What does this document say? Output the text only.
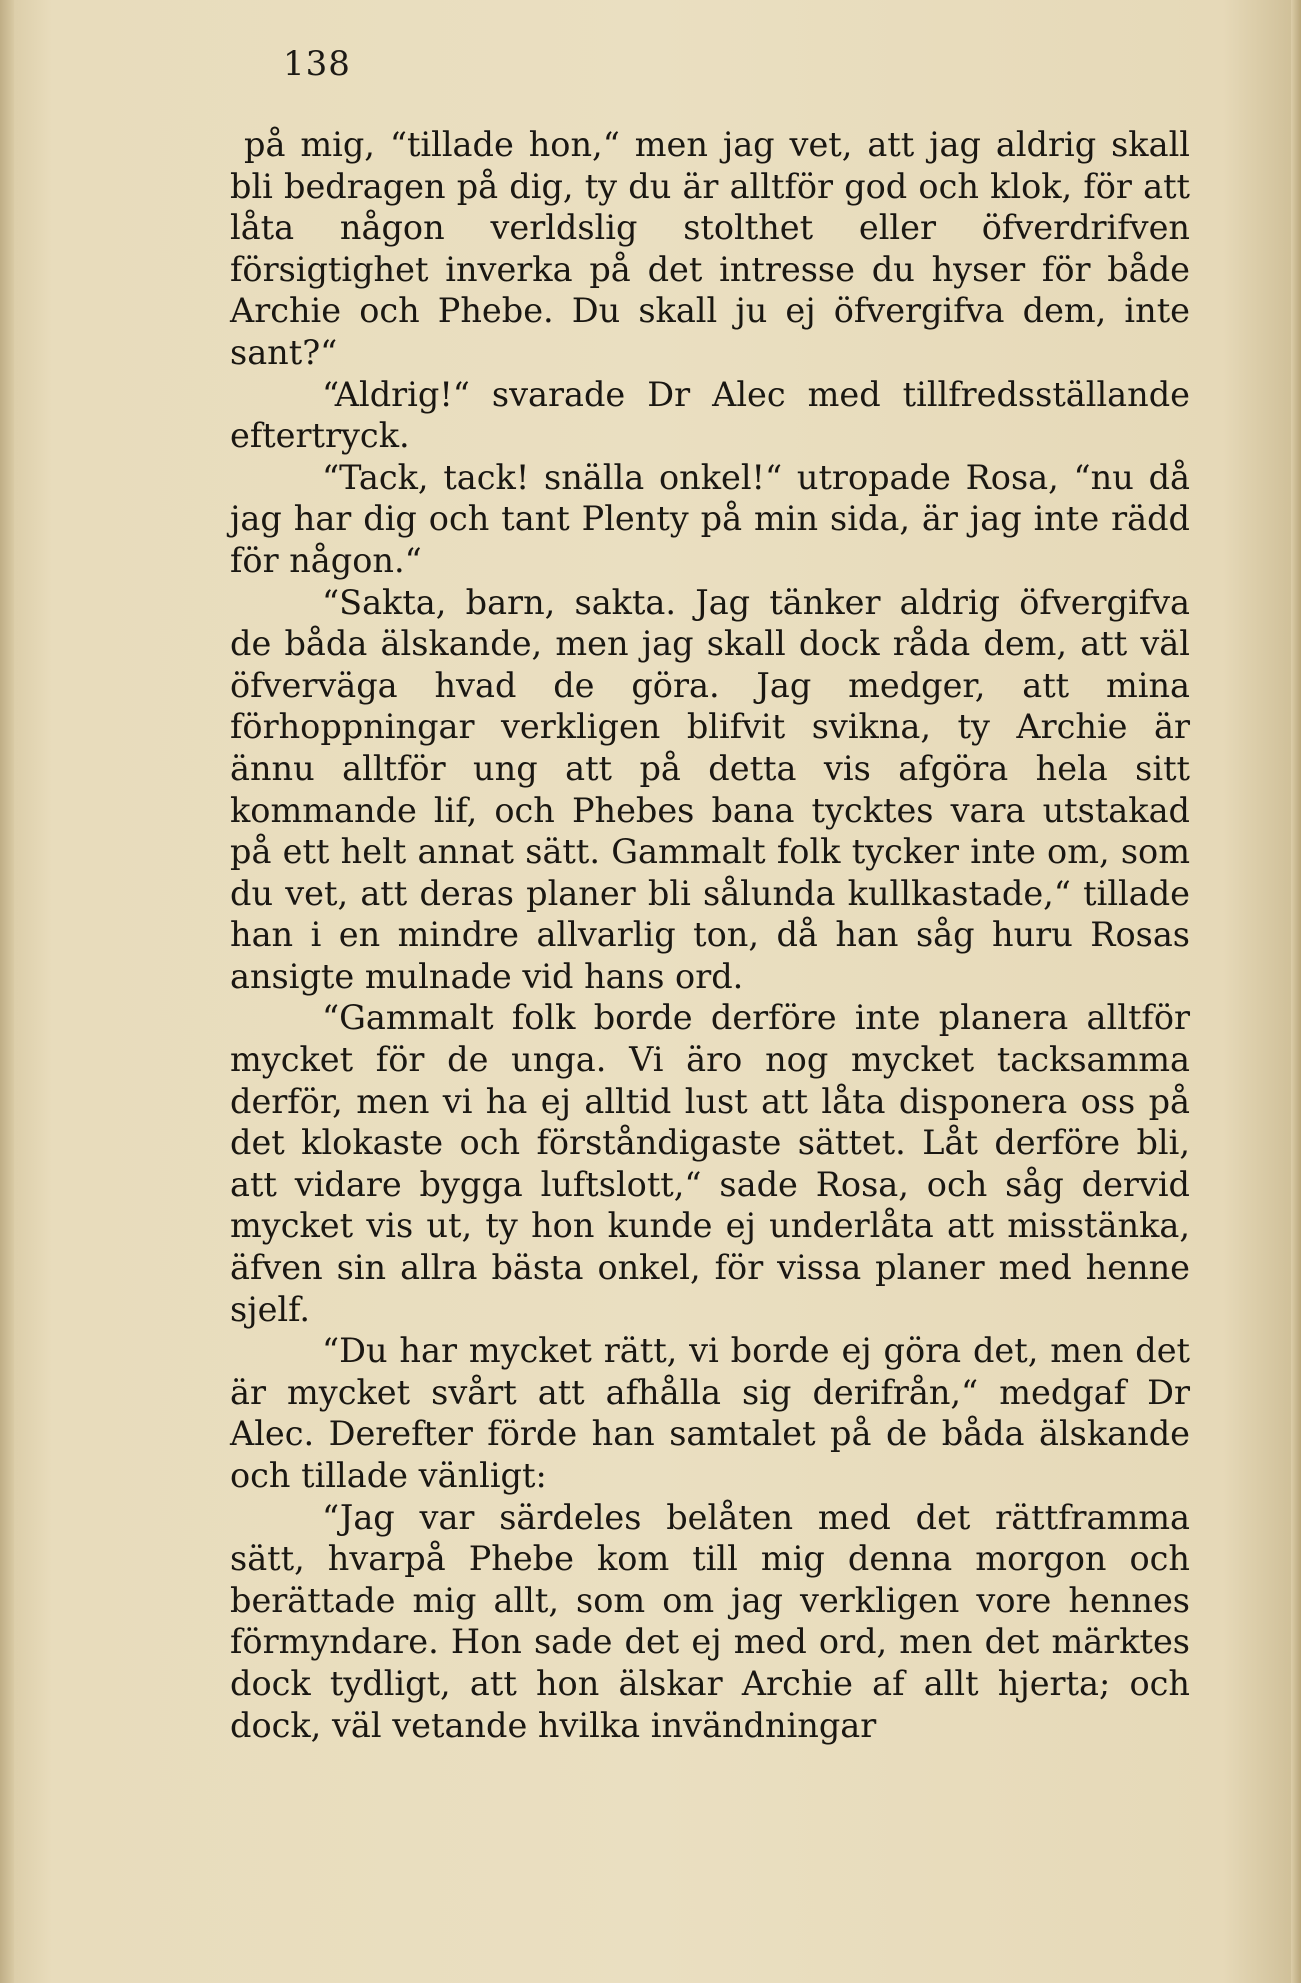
138

på mig, “tillade hon,“ men jag vet, att jag aldrig skall bli bedragen på dig, ty du är alltför god och klok, för att låta någon verldslig stolthet eller öfverdrifven försigtighet inverka på det intresse du hyser för både Archie och Phebe. Du skall ju ej öfvergifva dem, inte sant?“

“Aldrig!“ svarade Dr Alec med tillfredsställande eftertryck.

“Tack, tack! snälla onkel!“ utropade Rosa, “nu då jag har dig och tant Plenty på min sida, är jag inte rädd för någon.“

“Sakta, barn, sakta. Jag tänker aldrig öfvergifva de båda älskande, men jag skall dock råda dem, att väl öfverväga hvad de göra. Jag medger, att mina förhoppningar verkligen blifvit svikna, ty Archie är ännu alltför ung att på detta vis afgöra hela sitt kommande lif, och Phebes bana tycktes vara utstakad på ett helt annat sätt. Gammalt folk tycker inte om, som du vet, att deras planer bli sålunda kullkastade,“ tillade han i en mindre allvarlig ton, då han såg huru Rosas ansigte mulnade vid hans ord.

“Gammalt folk borde derföre inte planera alltför mycket för de unga. Vi äro nog mycket tacksamma derför, men vi ha ej alltid lust att låta disponera oss på det klokaste och förståndigaste sättet. Låt derföre bli, att vidare bygga luftslott,“ sade Rosa, och såg dervid mycket vis ut, ty hon kunde ej underlåta att misstänka, äfven sin allra bästa onkel, för vissa planer med henne sjelf.

“Du har mycket rätt, vi borde ej göra det, men det är mycket svårt att afhålla sig derifrån,“ medgaf Dr Alec. Derefter förde han samtalet på de båda älskande och tillade vänligt:

“Jag var särdeles belåten med det rättframma sätt, hvarpå Phebe kom till mig denna morgon och berättade mig allt, som om jag verkligen vore hennes förmyndare. Hon sade det ej med ord, men det märktes dock tydligt, att hon älskar Archie af allt hjerta; och dock, väl vetande hvilka invändningar
